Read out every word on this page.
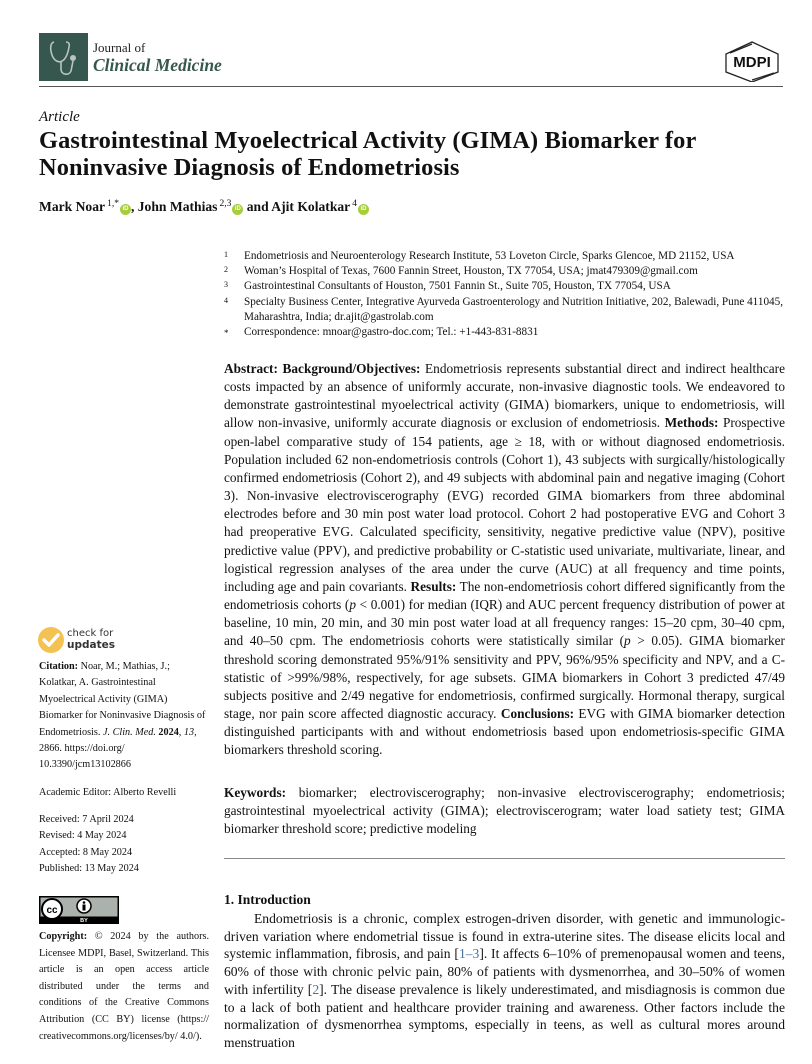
Journal of
Clinical Medicine	MDPI
Article
Gastrointestinal Myoelectrical Activity (GIMA) Biomarker for
Noninvasive Diagnosis of Endometriosis
Mark Noar $^{1,*}$ iD , John Mathias $^{2,3}$ iD and Ajit Kolatkar $^4$ iD
1 Endometriosis and Neuroenterology Research Institute, 53 Loveton Circle, Sparks Glencoe, MD 21152, USA
2 Woman’s Hospital of Texas, 7600 Fannin Street, Houston, TX 77054, USA; jmat479309@gmail.com
3 Gastrointestinal Consultants of Houston, 7501 Fannin St., Suite 705, Houston, TX 77054, USA
4 Specialty Business Center, Integrative Ayurveda Gastroenterology and Nutrition Initiative, 202, Balewadi, Pune 411045, Maharashtra, India; dr.ajit@gastrolab.com
* Correspondence: mnoar@gastro-doc.com; Tel.: +1-443-831-8831
Abstract: Background/Objectives: Endometriosis represents substantial direct and indirect healthcare costs impacted by an absence of uniformly accurate, non-invasive diagnostic tools. We endeavored to demonstrate gastrointestinal myoelectrical activity (GIMA) biomarkers, unique to endometriosis, will allow non-invasive, uniformly accurate diagnosis or exclusion of endometriosis. Methods: Prospective open-label comparative study of 154 patients, age ≥ 18, with or without diagnosed endometriosis. Population included 62 non-endometriosis controls (Cohort 1), 43 subjects with surgically/histologically confirmed endometriosis (Cohort 2), and 49 subjects with abdominal pain and negative imaging (Cohort 3). Non-invasive electroviscerography (EVG) recorded GIMA biomarkers from three abdominal electrodes before and 30 min post water load protocol. Cohort 2 had postoperative EVG and Cohort 3 had preoperative EVG. Calculated specificity, sensitivity, negative predictive value (NPV), positive predictive value (PPV), and predictive probability or C-statistic used univariate, multivariate, linear, and logistical regression analyses of the area under the curve (AUC) at all frequency and time points, including age and pain covariants. Results: The non-endometriosis cohort differed significantly from the endometriosis cohorts (p < 0.001) for median (IQR) and AUC percent frequency distribution of power at baseline, 10 min, 20 min, and 30 min post water load at all frequency ranges: 15–20 cpm, 30–40 cpm, and 40–50 cpm. The endometriosis cohorts were statistically similar (p > 0.05). GIMA biomarker threshold scoring demonstrated 95%/91% sensitivity and PPV, 96%/95% specificity and NPV, and a C-statistic of >99%/98%, respectively, for age subsets. GIMA biomarkers in Cohort 3 predicted 47/49 subjects positive and 2/49 negative for endometriosis, confirmed surgically. Hormonal therapy, surgical stage, nor pain score affected diagnostic accuracy. Conclusions: EVG with GIMA biomarker detection distinguished participants with and without endometriosis based upon endometriosis-specific GIMA biomarkers threshold scoring.
Keywords: biomarker; electroviscerography; non-invasive electroviscerography; endometriosis; gastrointestinal myoelectrical activity (GIMA); electroviscerogram; water load satiety test; GIMA biomarker threshold score; predictive modeling
1. Introduction
Endometriosis is a chronic, complex estrogen-driven disorder, with genetic and immunologic-driven variation where endometrial tissue is found in extra-uterine sites. The disease elicits local and systemic inflammation, fibrosis, and pain [1–3]. It affects 6–10% of premenopausal women and teens, 60% of those with chronic pelvic pain, 80% of patients with dysmenorrhea, and 30–50% of women with infertility [2]. The disease prevalence is likely underestimated, and misdiagnosis is common due to a lack of both patient and healthcare provider training and awareness. Other factors include the normalization of dysmenorrhea symptoms, especially in teens, as well as cultural mores around menstruation
check for
updates
Citation: Noar, M.; Mathias, J.; Kolatkar, A. Gastrointestinal Myoelectrical Activity (GIMA) Biomarker for Noninvasive Diagnosis of Endometriosis. J. Clin. Med. 2024, 13, 2866. https://doi.org/ 10.3390/jcm13102866
Academic Editor: Alberto Revelli
Received: 7 April 2024
Revised: 4 May 2024
Accepted: 8 May 2024
Published: 13 May 2024
cc
BY
Copyright: © 2024 by the authors. Licensee MDPI, Basel, Switzerland. This article is an open access article distributed under the terms and conditions of the Creative Commons Attribution (CC BY) license (https:// creativecommons.org/licenses/by/ 4.0/).
